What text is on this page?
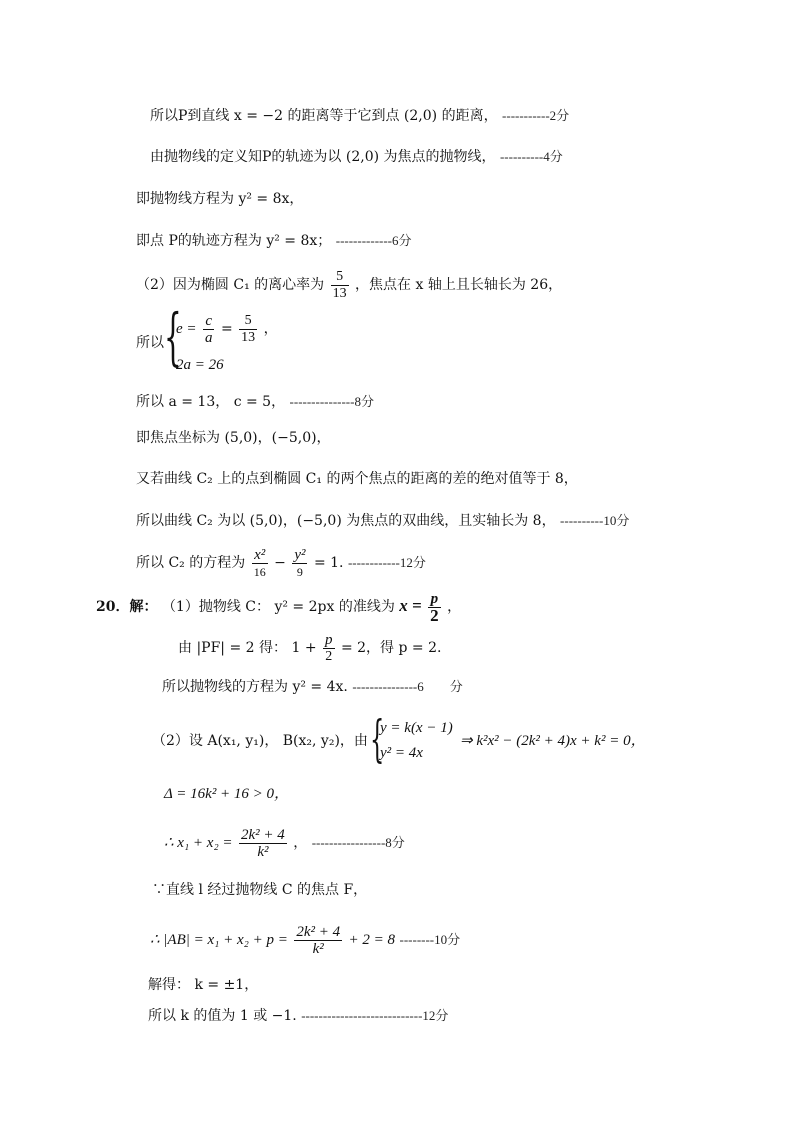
所以P到直线 x = −2 的距离等于它到点 (2,0) 的距离， -----------2分
由抛物线的定义知P的轨迹为以 (2,0) 为焦点的抛物线， ----------4分
即抛物线方程为 y² = 8x，
即点 P的轨迹方程为 y² = 8x； -------------6分
（2）因为椭圆 C₁ 的离心率为 $\frac{5}{13}$ ，焦点在 x 轴上且长轴长为 26，
所以 {
$e = \frac{c}{a} = \frac{5}{13}$ ，
2a = 26
所以 a = 13， c = 5， ---------------8分
即焦点坐标为 (5,0)，(−5,0)，
又若曲线 C₂ 上的点到椭圆 C₁ 的两个焦点的距离的差的绝对值等于 8，
所以曲线 C₂ 为以 (5,0)，(−5,0) 为焦点的双曲线，且实轴长为 8， ----------10分
所以 C₂ 的方程为 $\frac{\text{x²}}{16} - \frac{\text{y²}}{9} = 1$. ------------12分
20．解： （1）抛物线 C： y² = 2px 的准线为 $x = \frac{p}{2}$ ，
由 |PF| = 2 得： $1 + \frac{p}{2} = 2$，得 p = 2.
所以抛物线的方程为 y² = 4x. ---------------6　　分
（2）设 A(x₁, y₁)， B(x₂, y₂)，由 {
y = k(x − 1)
y² = 4x
⇒ k²x² − (2k² + 4)x + k² = 0，
Δ = 16k² + 16 > 0，
∴ $x_1 + x_2 = \frac{\text{2k² + 4}}{\text{k²}}$ ， -----------------8分
∵直线 l 经过抛物线 C 的焦点 F，
∴ $|AB| = x_1 + x_2 + p = \frac{\text{2k² + 4}}{\text{k²}} + 2 = 8$ --------10分
解得： k = ±1，
所以 k 的值为 1 或 −1. ----------------------------12分
